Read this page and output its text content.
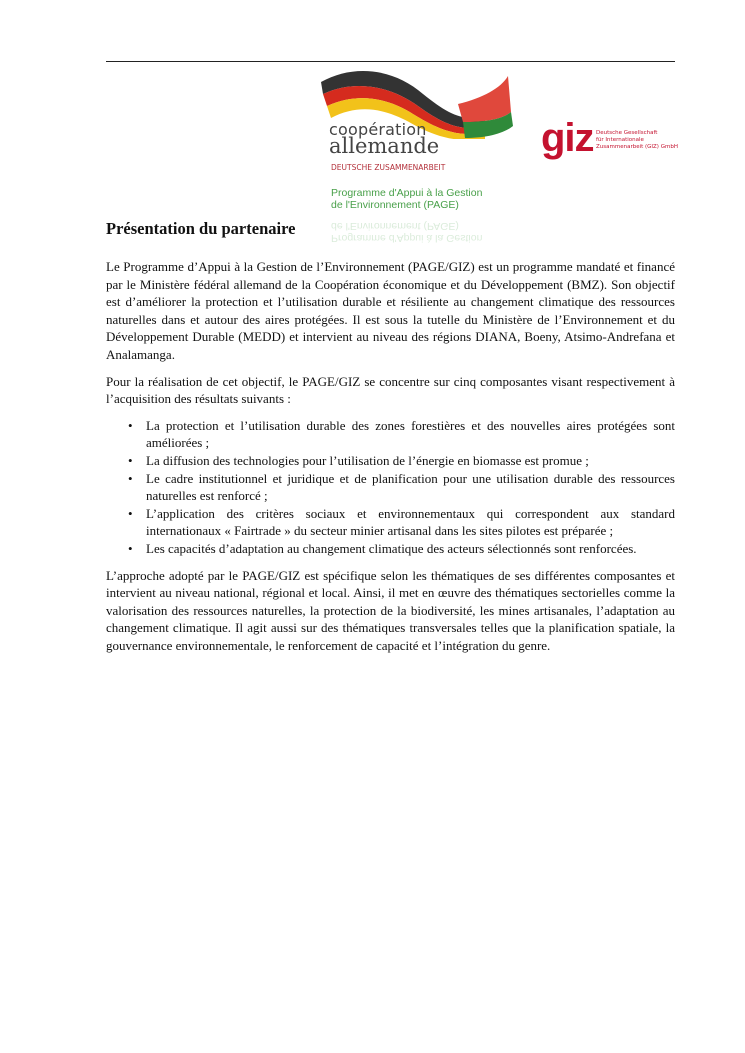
coopération
allemande
DEUTSCHE ZUSAMMENARBEIT
Programme d'Appui à la Gestion
de l'Environnement (PAGE)
Programme d'Appui à la Gestion
de l'Environnement (PAGE)
giz Deutsche Gesellschaft
für Internationale
Zusammenarbeit (GIZ) GmbH
Présentation du partenaire

Le Programme d’Appui à la Gestion de l’Environnement (PAGE/GIZ) est un programme mandaté et financé par le Ministère fédéral allemand de la Coopération économique et du Développement (BMZ). Son objectif est d’améliorer la protection et l’utilisation durable et résiliente au changement climatique des ressources naturelles dans et autour des aires protégées. Il est sous la tutelle du Ministère de l’Environnement et du Développement Durable (MEDD) et intervient au niveau des régions DIANA, Boeny, Atsimo-Andrefana et Analamanga.

Pour la réalisation de cet objectif, le PAGE/GIZ se concentre sur cinq composantes visant respectivement à l’acquisition des résultats suivants :

• La protection et l’utilisation durable des zones forestières et des nouvelles aires protégées sont améliorées ;
• La diffusion des technologies pour l’utilisation de l’énergie en biomasse est promue ;
• Le cadre institutionnel et juridique et de planification pour une utilisation durable des ressources naturelles est renforcé ;
• L’application des critères sociaux et environnementaux qui correspondent aux standard internationaux « Fairtrade » du secteur minier artisanal dans les sites pilotes est préparée ;
• Les capacités d’adaptation au changement climatique des acteurs sélectionnés sont renforcées.

L’approche adopté par le PAGE/GIZ est spécifique selon les thématiques de ses différentes composantes et intervient au niveau national, régional et local. Ainsi, il met en œuvre des thématiques sectorielles comme la valorisation des ressources naturelles, la protection de la biodiversité, les mines artisanales, l’adaptation au changement climatique. Il agit aussi sur des thématiques transversales telles que la planification spatiale, la gouvernance environnementale, le renforcement de capacité et l’intégration du genre.
